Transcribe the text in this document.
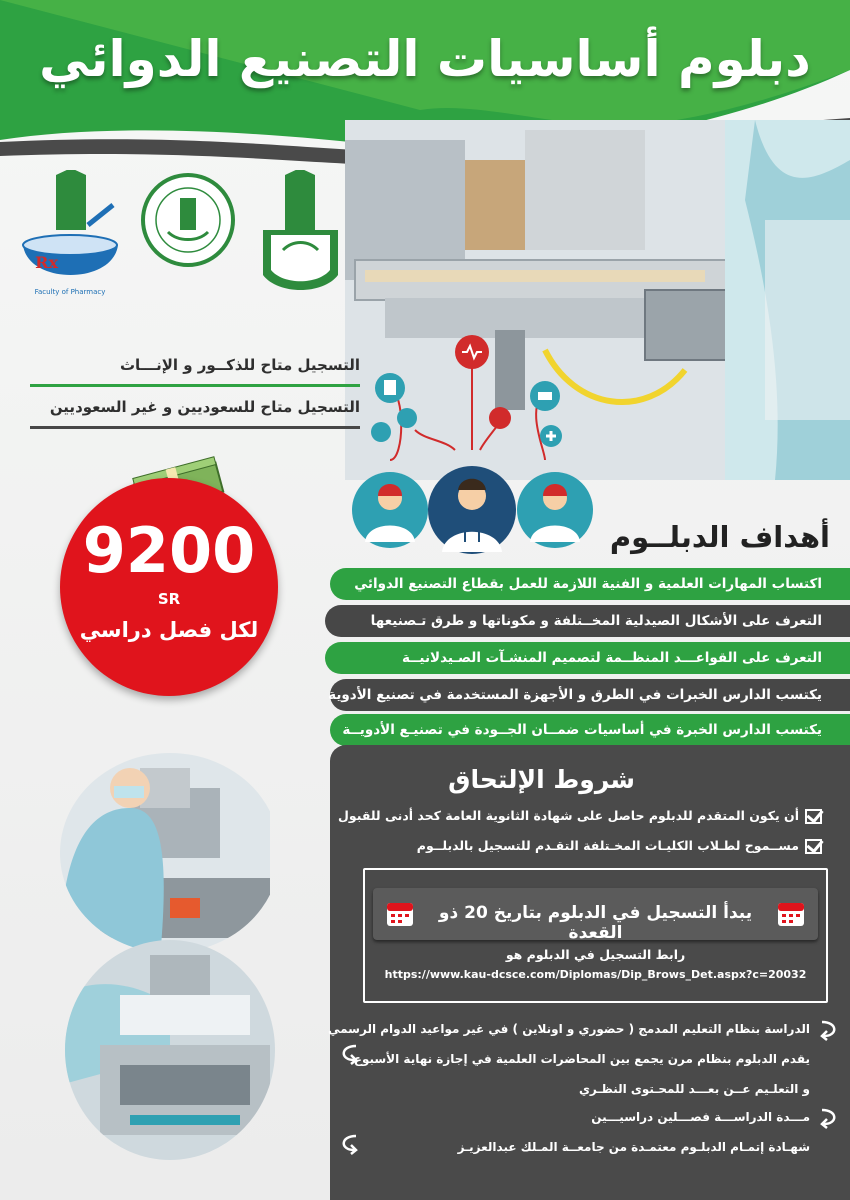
دبلوم أساسيات التصنيع الدوائي
Rx
Faculty of Pharmacy
التسجيل متاح للذكــور و الإنـــاث
التسجيل متاح للسعوديين و غير السعوديين
9200
SR
لكل فصل دراسي
أهداف الدبلــوم
اكتساب المهارات العلمية و الفنية اللازمة للعمل بقطاع التصنيع الدوائي
التعرف على الأشكال الصيدلية المخــتلفة و مكوناتها و طرق تـصنيعها
التعرف على القواعـــد المنظــمة لتصميم المنشـآت الصـيدلانيــة
يكتسب الدارس الخبرات في الطرق و الأجهزة المستخدمة في تصنيع الأدوية
يكتسب الدارس الخبرة في أساسيات ضمــان الجــودة في تصنيـع الأدويــة
شروط الإلتحاق
أن يكون المتقدم للدبلوم حاصل على شهادة الثانوية العامة كحد أدنى للقبول
مســموح لطـلاب الكليـات المخـتلفة التقـدم للتسجيل بالدبلــوم
يبدأ التسجيل في الدبلوم بتاريخ 20 ذو القعدة
رابط التسجيل في الدبلوم هو
https://www.kau-dcsce.com/Diplomas/Dip_Brows_Det.aspx?c=20032
الدراسة بنظام التعليم المدمج ( حضوري و اونلاين ) في غير مواعيد الدوام الرسمي
يقدم الدبلوم بنظام مرن يجمع بين المحاضرات العلمية في إجازة نهاية الأسبوع
و التعلـيم عــن بعـــد للمحـتوى النظـري
مـــدة الدراســـة فصـــلين دراسيـــين
شهـادة إتمـام الدبلـوم معتمـدة من جامعــة المـلك عبدالعزيـز
